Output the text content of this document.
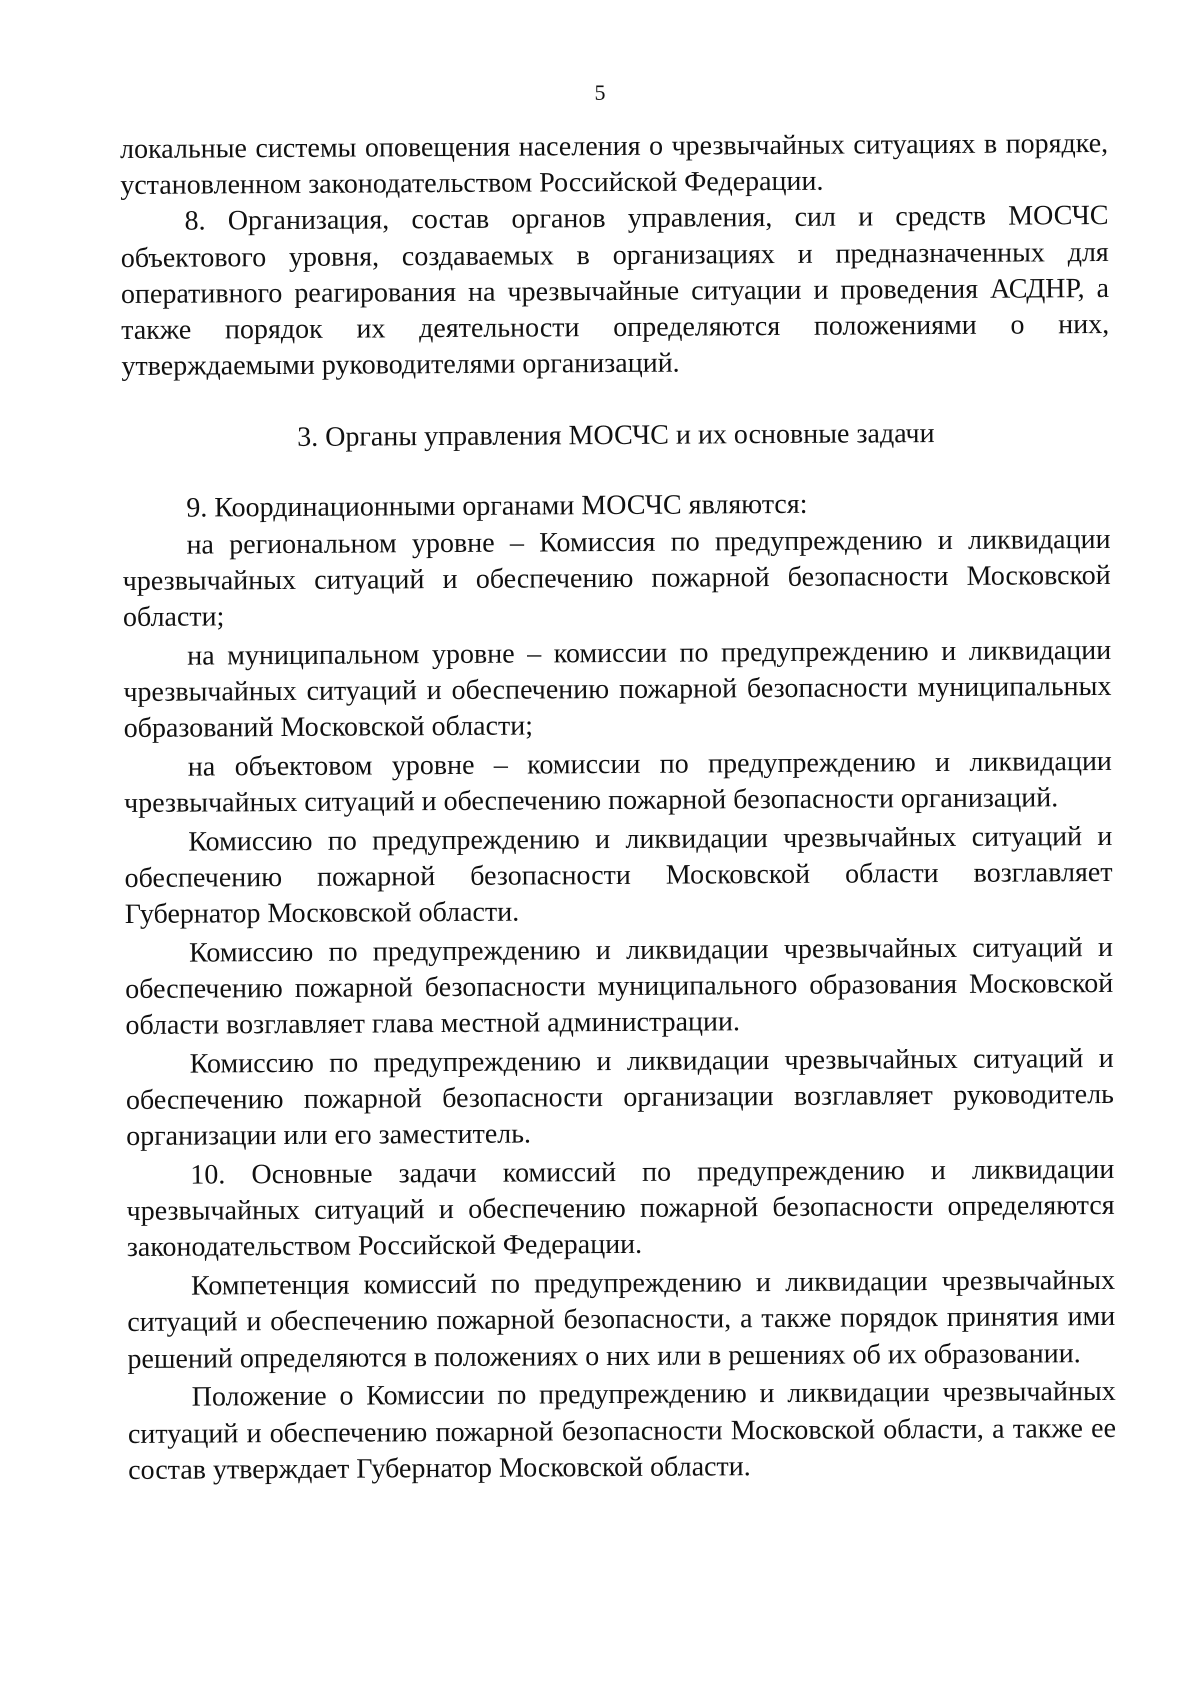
5

локальные системы оповещения населения о чрезвычайных ситуациях в порядке, установленном законодательством Российской Федерации.

8. Организация, состав органов управления, сил и средств МОСЧС объектового уровня, создаваемых в организациях и предназначенных для оперативного реагирования на чрезвычайные ситуации и проведения АСДНР, а также порядок их деятельности определяются положениями о них, утверждаемыми руководителями организаций.

3. Органы управления МОСЧС и их основные задачи

9. Координационными органами МОСЧС являются:

на региональном уровне – Комиссия по предупреждению и ликвидации чрезвычайных ситуаций и обеспечению пожарной безопасности Московской области;

на муниципальном уровне – комиссии по предупреждению и ликвидации чрезвычайных ситуаций и обеспечению пожарной безопасности муниципальных образований Московской области;

на объектовом уровне – комиссии по предупреждению и ликвидации чрезвычайных ситуаций и обеспечению пожарной безопасности организаций.

Комиссию по предупреждению и ликвидации чрезвычайных ситуаций и обеспечению пожарной безопасности Московской области возглавляет Губернатор Московской области.

Комиссию по предупреждению и ликвидации чрезвычайных ситуаций и обеспечению пожарной безопасности муниципального образования Московской области возглавляет глава местной администрации.

Комиссию по предупреждению и ликвидации чрезвычайных ситуаций и обеспечению пожарной безопасности организации возглавляет руководитель организации или его заместитель.

10. Основные задачи комиссий по предупреждению и ликвидации чрезвычайных ситуаций и обеспечению пожарной безопасности определяются законодательством Российской Федерации.

Компетенция комиссий по предупреждению и ликвидации чрезвычайных ситуаций и обеспечению пожарной безопасности, а также порядок принятия ими решений определяются в положениях о них или в решениях об их образовании.

Положение о Комиссии по предупреждению и ликвидации чрезвычайных ситуаций и обеспечению пожарной безопасности Московской области, а также ее состав утверждает Губернатор Московской области.
